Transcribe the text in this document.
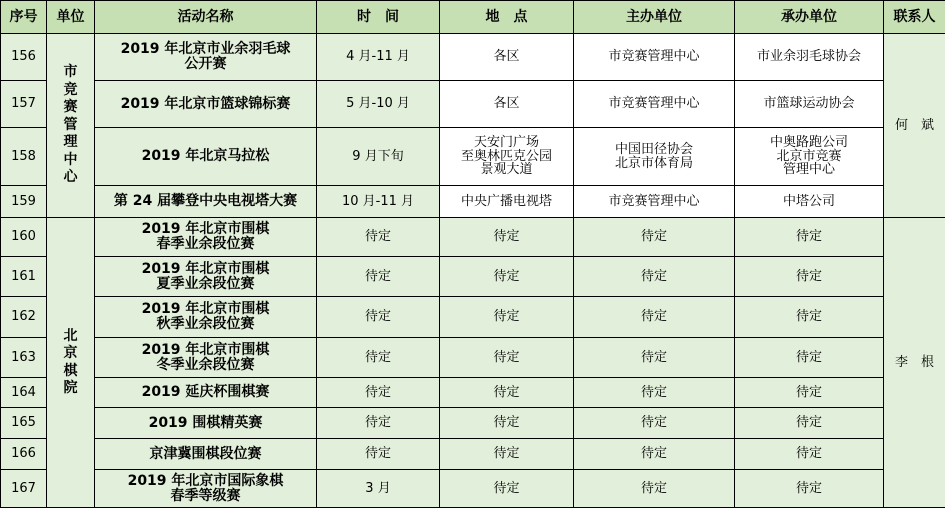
序号	单位	活动名称	时　间	地　点	主办单位	承办单位	联系人
156	市竞赛管理中心	2019 年北京市业余羽毛球
公开赛	4 月-11 月	各区	市竞赛管理中心	市业余羽毛球协会	何　斌
157		2019 年北京市篮球锦标赛	5 月-10 月	各区	市竞赛管理中心	市篮球运动协会	
158		2019 年北京马拉松	9 月下旬	天安门广场
至奥林匹克公园
景观大道	中国田径协会
北京市体育局	中奥路跑公司
北京市竞赛
管理中心	
159		第 24 届攀登中央电视塔大赛	10 月-11 月	中央广播电视塔	市竞赛管理中心	中塔公司	
160	北京棋院	2019 年北京市围棋
春季业余段位赛	待定	待定	待定	待定	李　根
161		2019 年北京市围棋
夏季业余段位赛	待定	待定	待定	待定	
162		2019 年北京市围棋
秋季业余段位赛	待定	待定	待定	待定	
163		2019 年北京市围棋
冬季业余段位赛	待定	待定	待定	待定	
164		2019 延庆杯围棋赛	待定	待定	待定	待定	
165		2019 围棋精英赛	待定	待定	待定	待定	
166		京津冀围棋段位赛	待定	待定	待定	待定	
167		2019 年北京市国际象棋
春季等级赛	3 月	待定	待定	待定	
